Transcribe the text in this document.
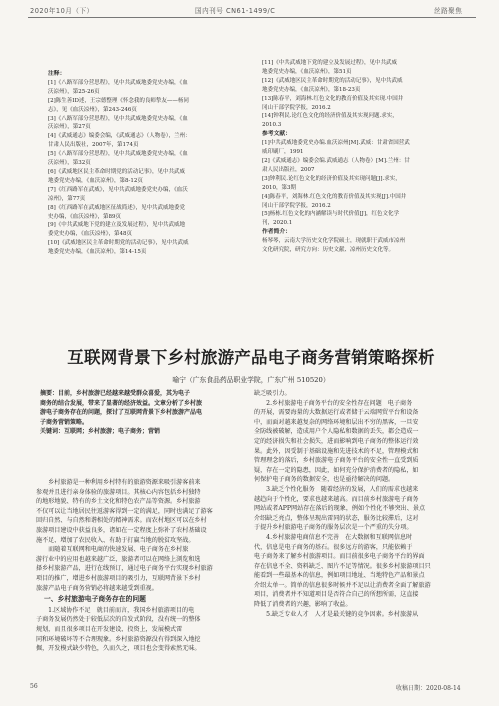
2020年10月（下）	国内刊号 CN61-1499/C	丝路聚焦
注释：
[1]《八路军部分营思程》，见中共武威地委党史办编，《血
沃凉州》，第25-26页
[2]陈生善ID述，王宗德整理《怀念我的良师挚友——杨同
志》，见《血沃凉州》，第243-246页
[3]《八路军部分营思程》，见中共武威地委党史办编，《血
沃凉州》，第27页
[4]《武威通志》编委会编，《武威通志》（人物卷），兰州：
甘肃人民出版社，2007年，第174页
[5]《八路军部分营思程》，见中共武威地委党史办编，《血
沃凉州》，第32页
[6]《武威地区民主革命时期党的活动记事》，见中共武威
地委党史办编，《血沃凉州》，第8-12页
[7]《红西路军在武威》，见中共武威地委党史办编，《血沃
凉州》，第77页
[8]《红西路军在武威地区征战简述》，见中共武威地委党
史办编，《血沃凉州》，第89页
[9]《中共武威地下党的建立及发展过程》，见中共武威地
委党史办编，《血沃凉州》，第48页
[10]《武威地区民主革命时期党的活动记事》，见中共武威
地委党史办编，《血沃凉州》，第14-15页
[11]《中共武威地下党的建立及发展过程》，见中共武威
地委党史办编，《血沃凉州》，第51页
[12]《武威地区民主革命时期党的活动记事》，见中共武威
地委党史办编，《血沃凉州》，第18-23页
[13]陈春平，刘海林.红色文化的教育价值及其实现.中国井
冈山干部学院学报，2016.2
[14]钟利民.论红色文化的经济价值及其实现问题.求实，
2010.3
参考文献：
[1]中共武威地委党史办编.血沃凉州[M].武威：甘肃省国营武
威印刷厂，1991
[2]《武威通志》编委会编.武威通志（人物卷）[M].兰州：甘
肃人民出版社，2007
[3]钟利民.论红色文化的经济价值及其实现问题[J].求实，
2010，第3期
[4]陈春平，刘海林.红色文化的教育价值及其实现[J].中国井
冈山干部学院学报，2016.2
[5]杨栋.红色文化的内涵解读与时代价值[J]，红色文化学
刊，2020.1
作者简介：
杨琴琴，云南大学历史文化学院硕士，现就职于武威市凉州
文化研究院，研究方向：历史文献、凉州历史文化等。
互联网背景下乡村旅游产品电子商务营销策略探析
喻宁（广东食品药品职业学院，广东广州 510520）
摘要：目前，乡村旅游已经越来越受群众喜爱，其为电子
商务的结合发展，带来了显著的经济效益。文章分析了乡村旅
游电子商务存在的问题，探讨了互联网背景下乡村旅游产品电
子商务营销策略。
关键词：互联网；乡村旅游；电子商务；营销
　　乡村旅游是一种利用乡村特有的旅游资源来吸引游客前来
参观并且进行亲身体验的旅游项目。其核心内容包括乡村独特
的地形地貌、特有的乡土文化和特色农产品等资源。乡村旅游
不仅可以让当地居民往返游客得到一定的满足，同时也满足了游客
回归自然、与自然和谐相处的精神需求。而农村地区可以在乡村
旅游项目建设中获益良多，诸如在一定程度上弥补了农村基础设
施不足、增加了农民收入、有助于打赢当地的脱贫攻坚战。
　　而随着互联网和电商的快速发展、电子商务在乡村旅
游行业中的应用也越来越广泛，旅游者可以在网络上浏览和选
择乡村旅游产品，进行在线预订，通过电子商务平台实现乡村旅游
项目的推广，增进乡村旅游项目的吸引力，互联网背景下乡村
旅游产品电子商务营销必将越来越受到重视。
一、乡村旅游电子商务存在的问题
　　1.区域协作不足　就目前而言，我国乡村旅游项目的电
子商务发展仍然处于较低层次的自发式阶段，没有统一的整体
规划，而且很多项目在开发建设、投资上，发展模式雷
同和环境破坏等不合理现象。乡村旅游资源没有得到深入地挖
掘，开发模式缺少特色，久而久之，项目也会变得索然无味。
缺乏吸引力。
　　2.乡村旅游电子商务平台的安全性存在问题　电子商务
的开展，需要海量的大数据运行或者储于云端网贸平台和设备
中，而面对越来越复杂的网络环境和层出不穷的黑客，一旦安
全防线被破解，造成用户个人隐私和数据的丢失，都会造成一
定的经济损失和社会损失，进而影响到电子商务的整体运行效
果。此外，因受制于基础设施和先进技术的不足，管理模式和
管理理念的落后，乡村旅游电子商务平台的安全性一直受到质
疑，存在一定的隐患，因此，如何充分保护消费者的隐私，如
何保护电子商务的数据安全，也是亟待解决的问题。
　　3.缺乏个性化服务　随着经济的发展，人们的需求也越来
越趋向于个性化，要求也越来越高。而目前乡村旅游电子商务
网站或者APP网站存在落后的现象，例如个性化不够突出、景点
介绍缺乏亮点，整体呈现出雷同的状态，服务比较滞后，这对
于提升乡村旅游电子商务的服务层次是一个严重的失分项。
　　4.乡村旅游电商信息不完善　在大数据和互联网信息时
代，信息是电子商务的基石。很多远方的游客，只能依赖于
电子商务来了解乡村旅游项目。而目前很多电子商务平台的界面
存在信息不全、资料缺乏、图片不足等情况。很多乡村旅游项目只
能看到一些最基本的信息，例如项目地址、当地特色产品和景点
介绍太单一。简单的信息很多时候并不足以让消费者全面了解旅游
项目，消费者并不知道项目是否符合自己的所想所需，这直接
降低了消费者的兴趣，影响了收益。
　　5.缺乏专业人才　人才是最关键的竞争因素。乡村旅游从
56	收稿日期：2020-08-14
